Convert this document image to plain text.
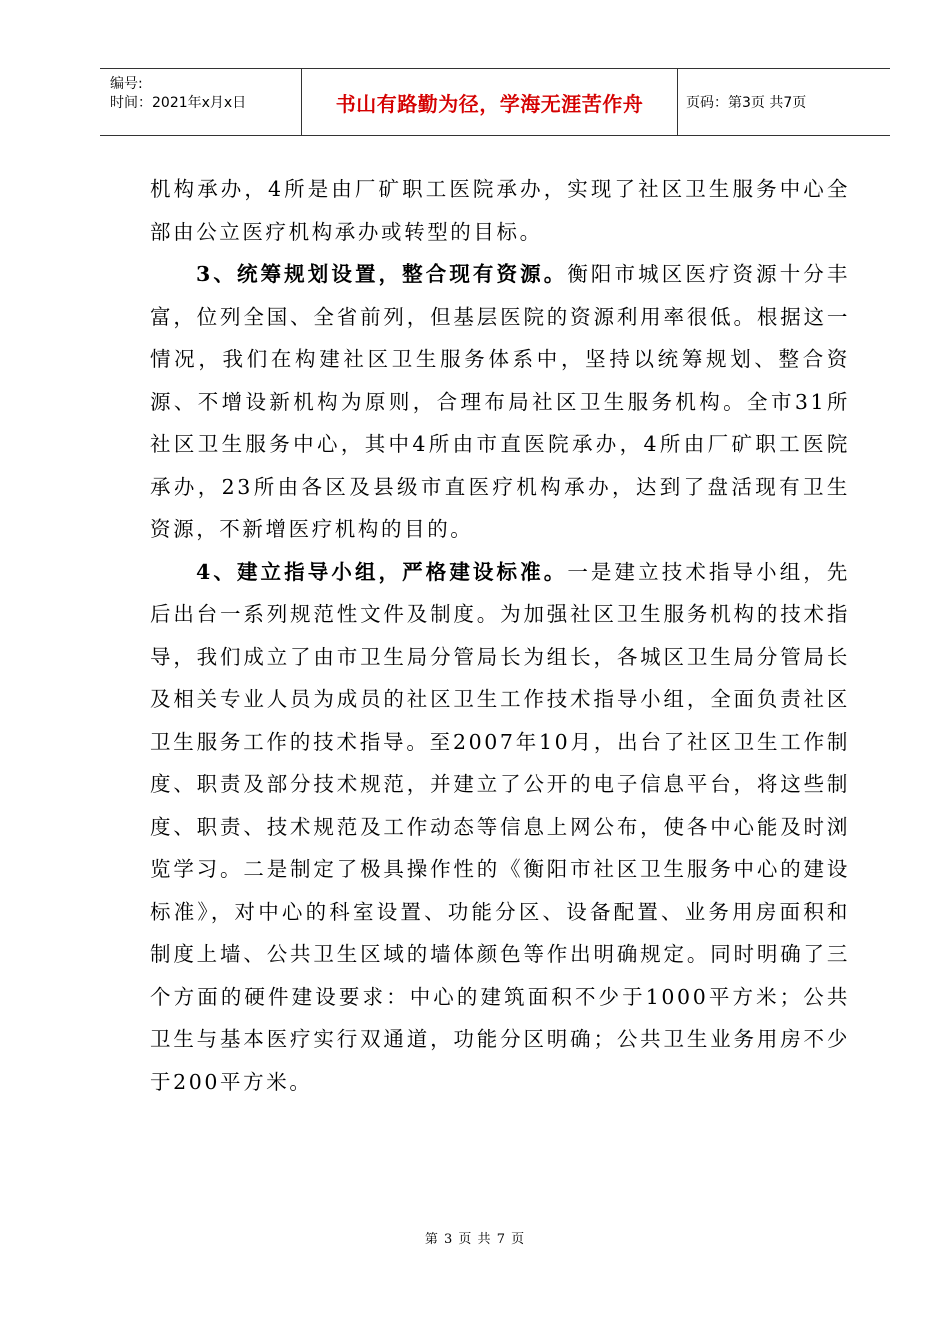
编号:
时间：2021年x月x日	书山有路勤为径，学海无涯苦作舟	页码：第3页 共7页

机构承办，4所是由厂矿职工医院承办，实现了社区卫生服务中心全部由公立医疗机构承办或转型的目标。

3、统筹规划设置，整合现有资源。衡阳市城区医疗资源十分丰富，位列全国、全省前列，但基层医院的资源利用率很低。根据这一情况，我们在构建社区卫生服务体系中，坚持以统筹规划、整合资源、不增设新机构为原则，合理布局社区卫生服务机构。全市31所社区卫生服务中心，其中4所由市直医院承办，4所由厂矿职工医院承办，23所由各区及县级市直医疗机构承办，达到了盘活现有卫生资源，不新增医疗机构的目的。

4、建立指导小组，严格建设标准。一是建立技术指导小组，先后出台一系列规范性文件及制度。为加强社区卫生服务机构的技术指导，我们成立了由市卫生局分管局长为组长，各城区卫生局分管局长及相关专业人员为成员的社区卫生工作技术指导小组，全面负责社区卫生服务工作的技术指导。至2007年10月，出台了社区卫生工作制度、职责及部分技术规范，并建立了公开的电子信息平台，将这些制度、职责、技术规范及工作动态等信息上网公布，使各中心能及时浏览学习。二是制定了极具操作性的《衡阳市社区卫生服务中心的建设标准》，对中心的科室设置、功能分区、设备配置、业务用房面积和制度上墙、公共卫生区域的墙体颜色等作出明确规定。同时明确了三个方面的硬件建设要求：中心的建筑面积不少于1000平方米；公共卫生与基本医疗实行双通道，功能分区明确；公共卫生业务用房不少于200平方米。

第 3 页 共 7 页
